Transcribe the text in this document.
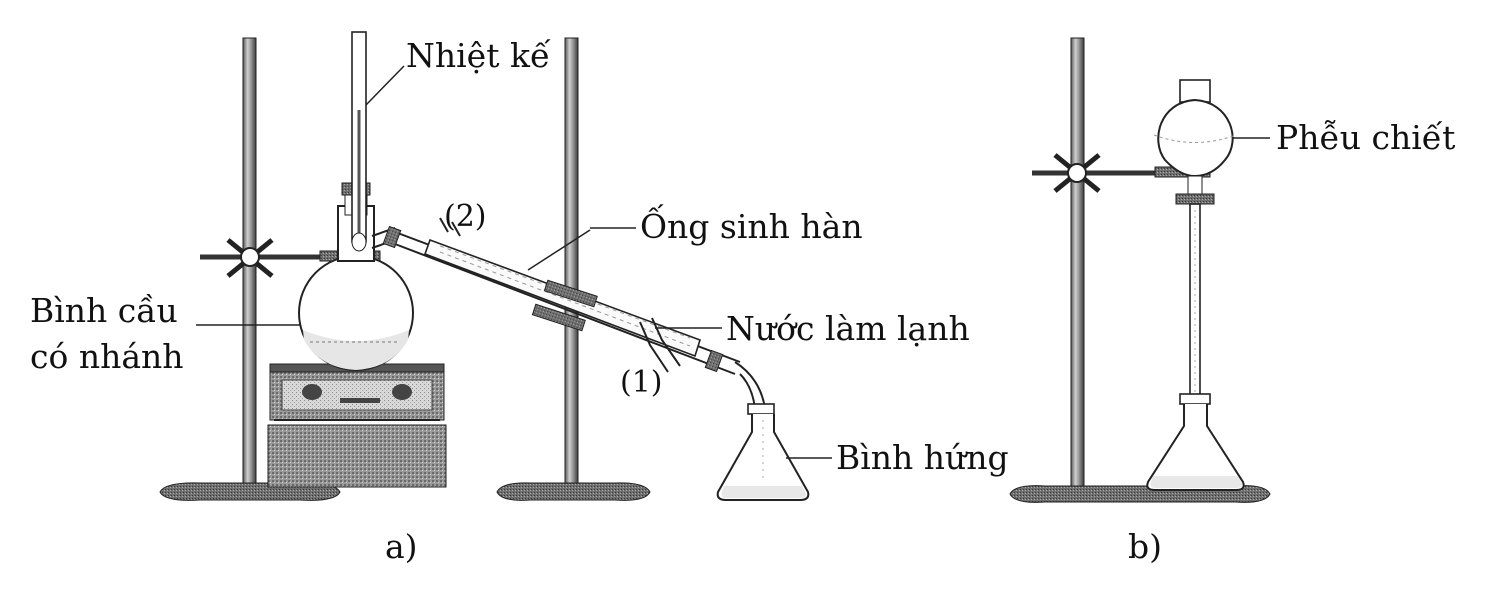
Nhiệt kế
(2)	Ống sinh hàn
Bình cầu
có nhánh
Nước làm lạnh
(1)
Bình hứng
a)
Phễu chiết
b)
